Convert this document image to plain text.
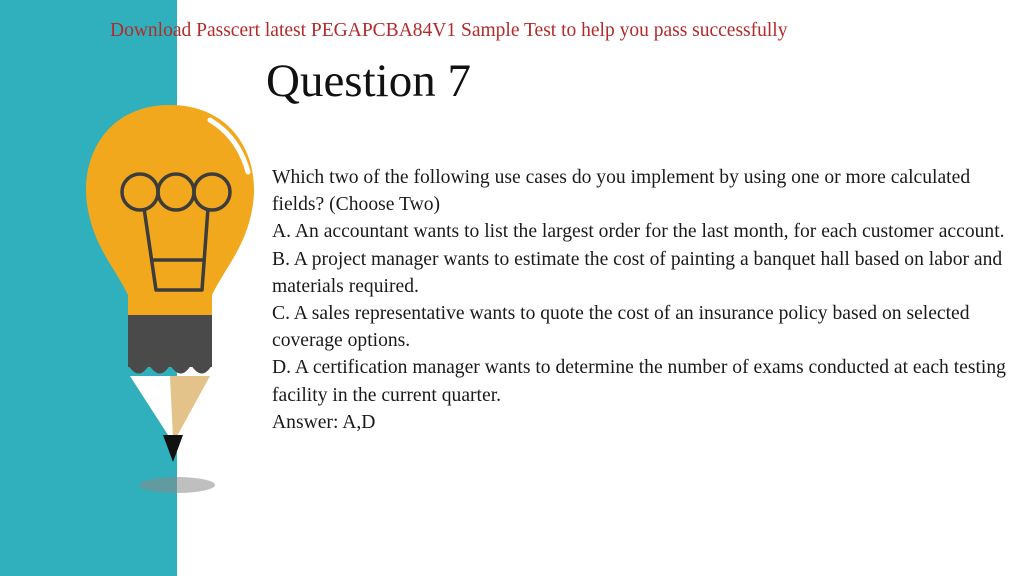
Download Passcert latest PEGAPCBA84V1 Sample Test to help you pass successfully
Question 7

Which two of the following use cases do you implement by using one or more calculated fields? (Choose Two)

A. An accountant wants to list the largest order for the last month, for each customer account.

B. A project manager wants to estimate the cost of painting a banquet hall based on labor and materials required.

C. A sales representative wants to quote the cost of an insurance policy based on selected coverage options.

D. A certification manager wants to determine the number of exams conducted at each testing facility in the current quarter.

Answer: A,D
